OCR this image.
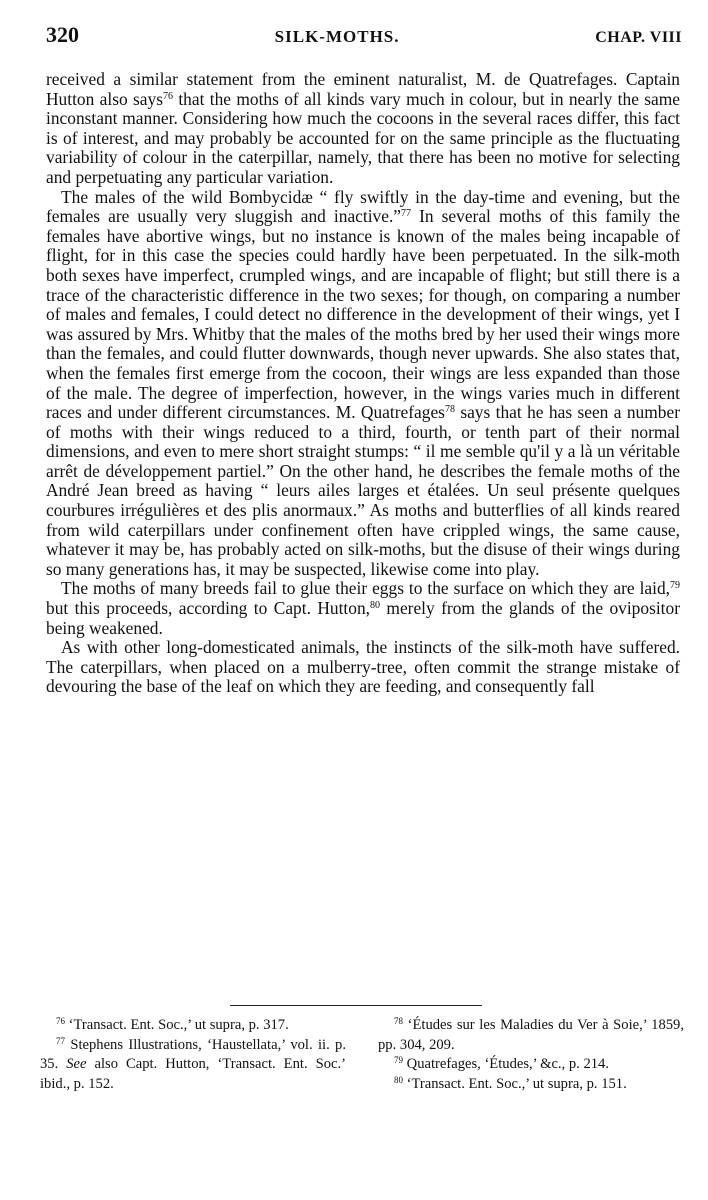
320	SILK-MOTHS.	CHAP. VIII

received a similar statement from the eminent naturalist, M. de Quatrefages. Captain Hutton also says$^{76}$ that the moths of all kinds vary much in colour, but in nearly the same inconstant manner. Considering how much the cocoons in the several races differ, this fact is of interest, and may probably be accounted for on the same principle as the fluctuating variability of colour in the caterpillar, namely, that there has been no motive for selecting and perpetuating any particular variation.

The males of the wild Bombycidæ “ fly swiftly in the day-time and evening, but the females are usually very sluggish and inactive.”$^{77}$ In several moths of this family the females have abortive wings, but no instance is known of the males being incapable of flight, for in this case the species could hardly have been perpetuated. In the silk-moth both sexes have imperfect, crumpled wings, and are incapable of flight; but still there is a trace of the characteristic difference in the two sexes; for though, on comparing a number of males and females, I could detect no difference in the development of their wings, yet I was assured by Mrs. Whitby that the males of the moths bred by her used their wings more than the females, and could flutter downwards, though never upwards. She also states that, when the females first emerge from the cocoon, their wings are less expanded than those of the male. The degree of imperfection, however, in the wings varies much in different races and under different circumstances. M. Quatrefages$^{78}$ says that he has seen a number of moths with their wings reduced to a third, fourth, or tenth part of their normal dimensions, and even to mere short straight stumps: “ il me semble qu'il y a là un véritable arrêt de développement partiel.” On the other hand, he describes the female moths of the André Jean breed as having “ leurs ailes larges et étalées. Un seul présente quelques courbures irrégulières et des plis anormaux.” As moths and butterflies of all kinds reared from wild caterpillars under confinement often have crippled wings, the same cause, whatever it may be, has probably acted on silk-moths, but the disuse of their wings during so many generations has, it may be suspected, likewise come into play.

The moths of many breeds fail to glue their eggs to the surface on which they are laid,$^{79}$ but this proceeds, according to Capt. Hutton,$^{80}$ merely from the glands of the ovipositor being weakened.

As with other long-domesticated animals, the instincts of the silk-moth have suffered. The caterpillars, when placed on a mulberry-tree, often commit the strange mistake of devouring the base of the leaf on which they are feeding, and consequently fall

$^{76}$ ‘Transact. Ent. Soc.,’ ut supra, p. 317.

$^{77}$ Stephens Illustrations, ‘Haustellata,’ vol. ii. p. 35. See also Capt. Hutton, ‘Transact. Ent. Soc.’ ibid., p. 152.

$^{78}$ ‘Études sur les Maladies du Ver à Soie,’ 1859, pp. 304, 209.

$^{79}$ Quatrefages, ‘Études,’ &c., p. 214.

$^{80}$ ‘Transact. Ent. Soc.,’ ut supra, p. 151.
